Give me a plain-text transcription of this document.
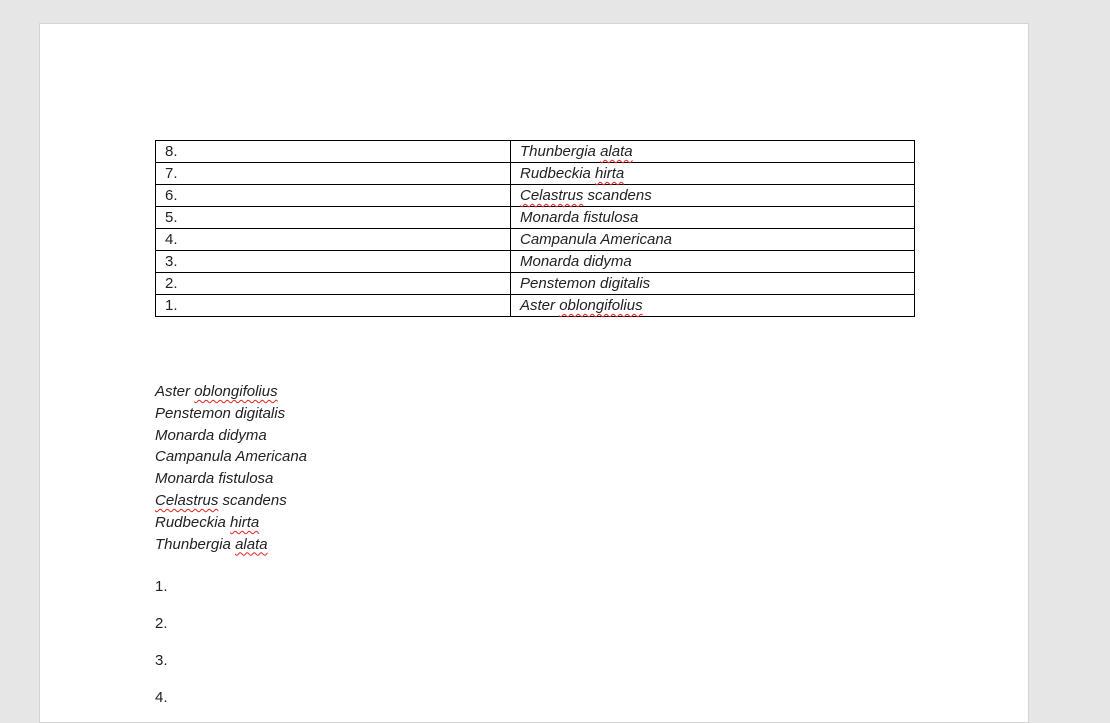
8.	Thunbergia alata
7.	Rudbeckia hirta
6.	Celastrus scandens
5.	Monarda fistulosa
4.	Campanula Americana
3.	Monarda didyma
2.	Penstemon digitalis
1.	Aster oblongifolius
Aster oblongifolius
Penstemon digitalis
Monarda didyma
Campanula Americana
Monarda fistulosa
Celastrus scandens
Rudbeckia hirta
Thunbergia alata
1.
2.
3.
4.
